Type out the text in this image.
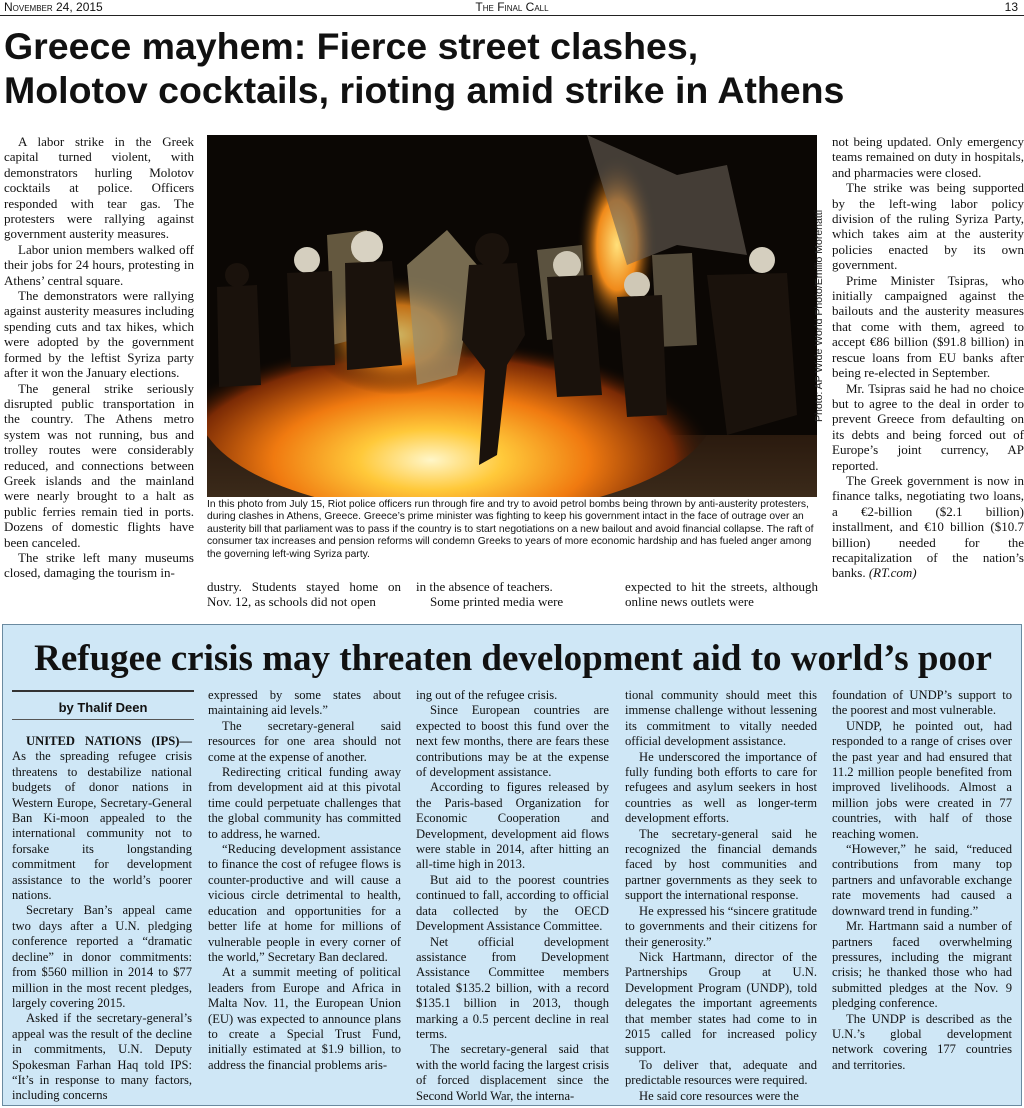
November 24, 2015	The Final Call	13
Greece mayhem: Fierce street clashes,
Molotov cocktails, rioting amid strike in Athens

A labor strike in the Greek capital turned violent, with demonstrators hurling Molotov cocktails at police. Officers responded with tear gas. The protesters were rallying against government austerity measures.

Labor union members walked off their jobs for 24 hours, protesting in Athens’ central square.

The demonstrators were rallying against austerity measures including spending cuts and tax hikes, which were adopted by the government formed by the leftist Syriza party after it won the January elections.

The general strike seriously disrupted public transportation in the country. The Athens metro system was not running, bus and trolley routes were considerably reduced, and connections between Greek islands and the mainland were nearly brought to a halt as public ferries remain tied in ports. Dozens of domestic flights have been canceled.

The strike left many museums closed, damaging the tourism in-

Photo: AP Wide World Photo/Emilio Morenatti
In this photo from July 15, Riot police officers run through fire and try to avoid petrol bombs being thrown by anti-austerity protesters, during clashes in Athens, Greece. Greece’s prime minister was fighting to keep his government intact in the face of outrage over an austerity bill that parliament was to pass if the country is to start negotiations on a new bailout and avoid financial collapse. The raft of consumer tax increases and pension reforms will condemn Greeks to years of more economic hardship and has fueled anger among the governing left-wing Syriza party.

dustry. Students stayed home on Nov. 12, as schools did not open

in the absence of teachers.

Some printed media were

expected to hit the streets, although online news outlets were

not being updated. Only emergency teams remained on duty in hospitals, and pharmacies were closed.

The strike was being supported by the left-wing labor policy division of the ruling Syriza Party, which takes aim at the austerity policies enacted by its own government.

Prime Minister Tsipras, who initially campaigned against the bailouts and the austerity measures that come with them, agreed to accept €86 billion ($91.8 billion) in rescue loans from EU banks after being re-elected in September.

Mr. Tsipras said he had no choice but to agree to the deal in order to prevent Greece from defaulting on its debts and being forced out of Europe’s joint currency, AP reported.

The Greek government is now in finance talks, negotiating two loans, a €2-billion ($2.1 billion) installment, and €10 billion ($10.7 billion) needed for the recapitalization of the nation’s banks. (RT.com)

Refugee crisis may threaten development aid to world’s poor
by Thalif Deen

UNITED NATIONS (IPS)—As the spreading refugee crisis threatens to destabilize national budgets of donor nations in Western Europe, Secretary-General Ban Ki-moon appealed to the international community not to forsake its longstanding commitment for development assistance to the world’s poorer nations.

Secretary Ban’s appeal came two days after a U.N. pledging conference reported a “dramatic decline” in donor commitments: from $560 million in 2014 to $77 million in the most recent pledges, largely covering 2015.

Asked if the secretary-general’s appeal was the result of the decline in commitments, U.N. Deputy Spokesman Farhan Haq told IPS: “It’s in response to many factors, including concerns

expressed by some states about maintaining aid levels.”

The secretary-general said resources for one area should not come at the expense of another.

Redirecting critical funding away from development aid at this pivotal time could perpetuate challenges that the global community has committed to address, he warned.

“Reducing development assistance to finance the cost of refugee flows is counter-productive and will cause a vicious circle detrimental to health, education and opportunities for a better life at home for millions of vulnerable people in every corner of the world,” Secretary Ban declared.

At a summit meeting of political leaders from Europe and Africa in Malta Nov. 11, the European Union (EU) was expected to announce plans to create a Special Trust Fund, initially estimated at $1.9 billion, to address the financial problems aris-

ing out of the refugee crisis.

Since European countries are expected to boost this fund over the next few months, there are fears these contributions may be at the expense of development assistance.

According to figures released by the Paris-based Organization for Economic Cooperation and Development, development aid flows were stable in 2014, after hitting an all-time high in 2013.

But aid to the poorest countries continued to fall, according to official data collected by the OECD Development Assistance Committee.

Net official development assistance from Development Assistance Committee members totaled $135.2 billion, with a record $135.1 billion in 2013, though marking a 0.5 percent decline in real terms.

The secretary-general said that with the world facing the largest crisis of forced displacement since the Second World War, the interna-

tional community should meet this immense challenge without lessening its commitment to vitally needed official development assistance.

He underscored the importance of fully funding both efforts to care for refugees and asylum seekers in host countries as well as longer-term development efforts.

The secretary-general said he recognized the financial demands faced by host communities and partner governments as they seek to support the international response.

He expressed his “sincere gratitude to governments and their citizens for their generosity.”

Nick Hartmann, director of the Partnerships Group at U.N. Development Program (UNDP), told delegates the important agreements that member states had come to in 2015 called for increased policy support.

To deliver that, adequate and predictable resources were required.

He said core resources were the

foundation of UNDP’s support to the poorest and most vulnerable.

UNDP, he pointed out, had responded to a range of crises over the past year and had ensured that 11.2 million people benefited from improved livelihoods. Almost a million jobs were created in 77 countries, with half of those reaching women.

“However,” he said, “reduced contributions from many top partners and unfavorable exchange rate movements had caused a downward trend in funding.”

Mr. Hartmann said a number of partners faced overwhelming pressures, including the migrant crisis; he thanked those who had submitted pledges at the Nov. 9 pledging conference.

The UNDP is described as the U.N.’s global development network covering 177 countries and territories.
